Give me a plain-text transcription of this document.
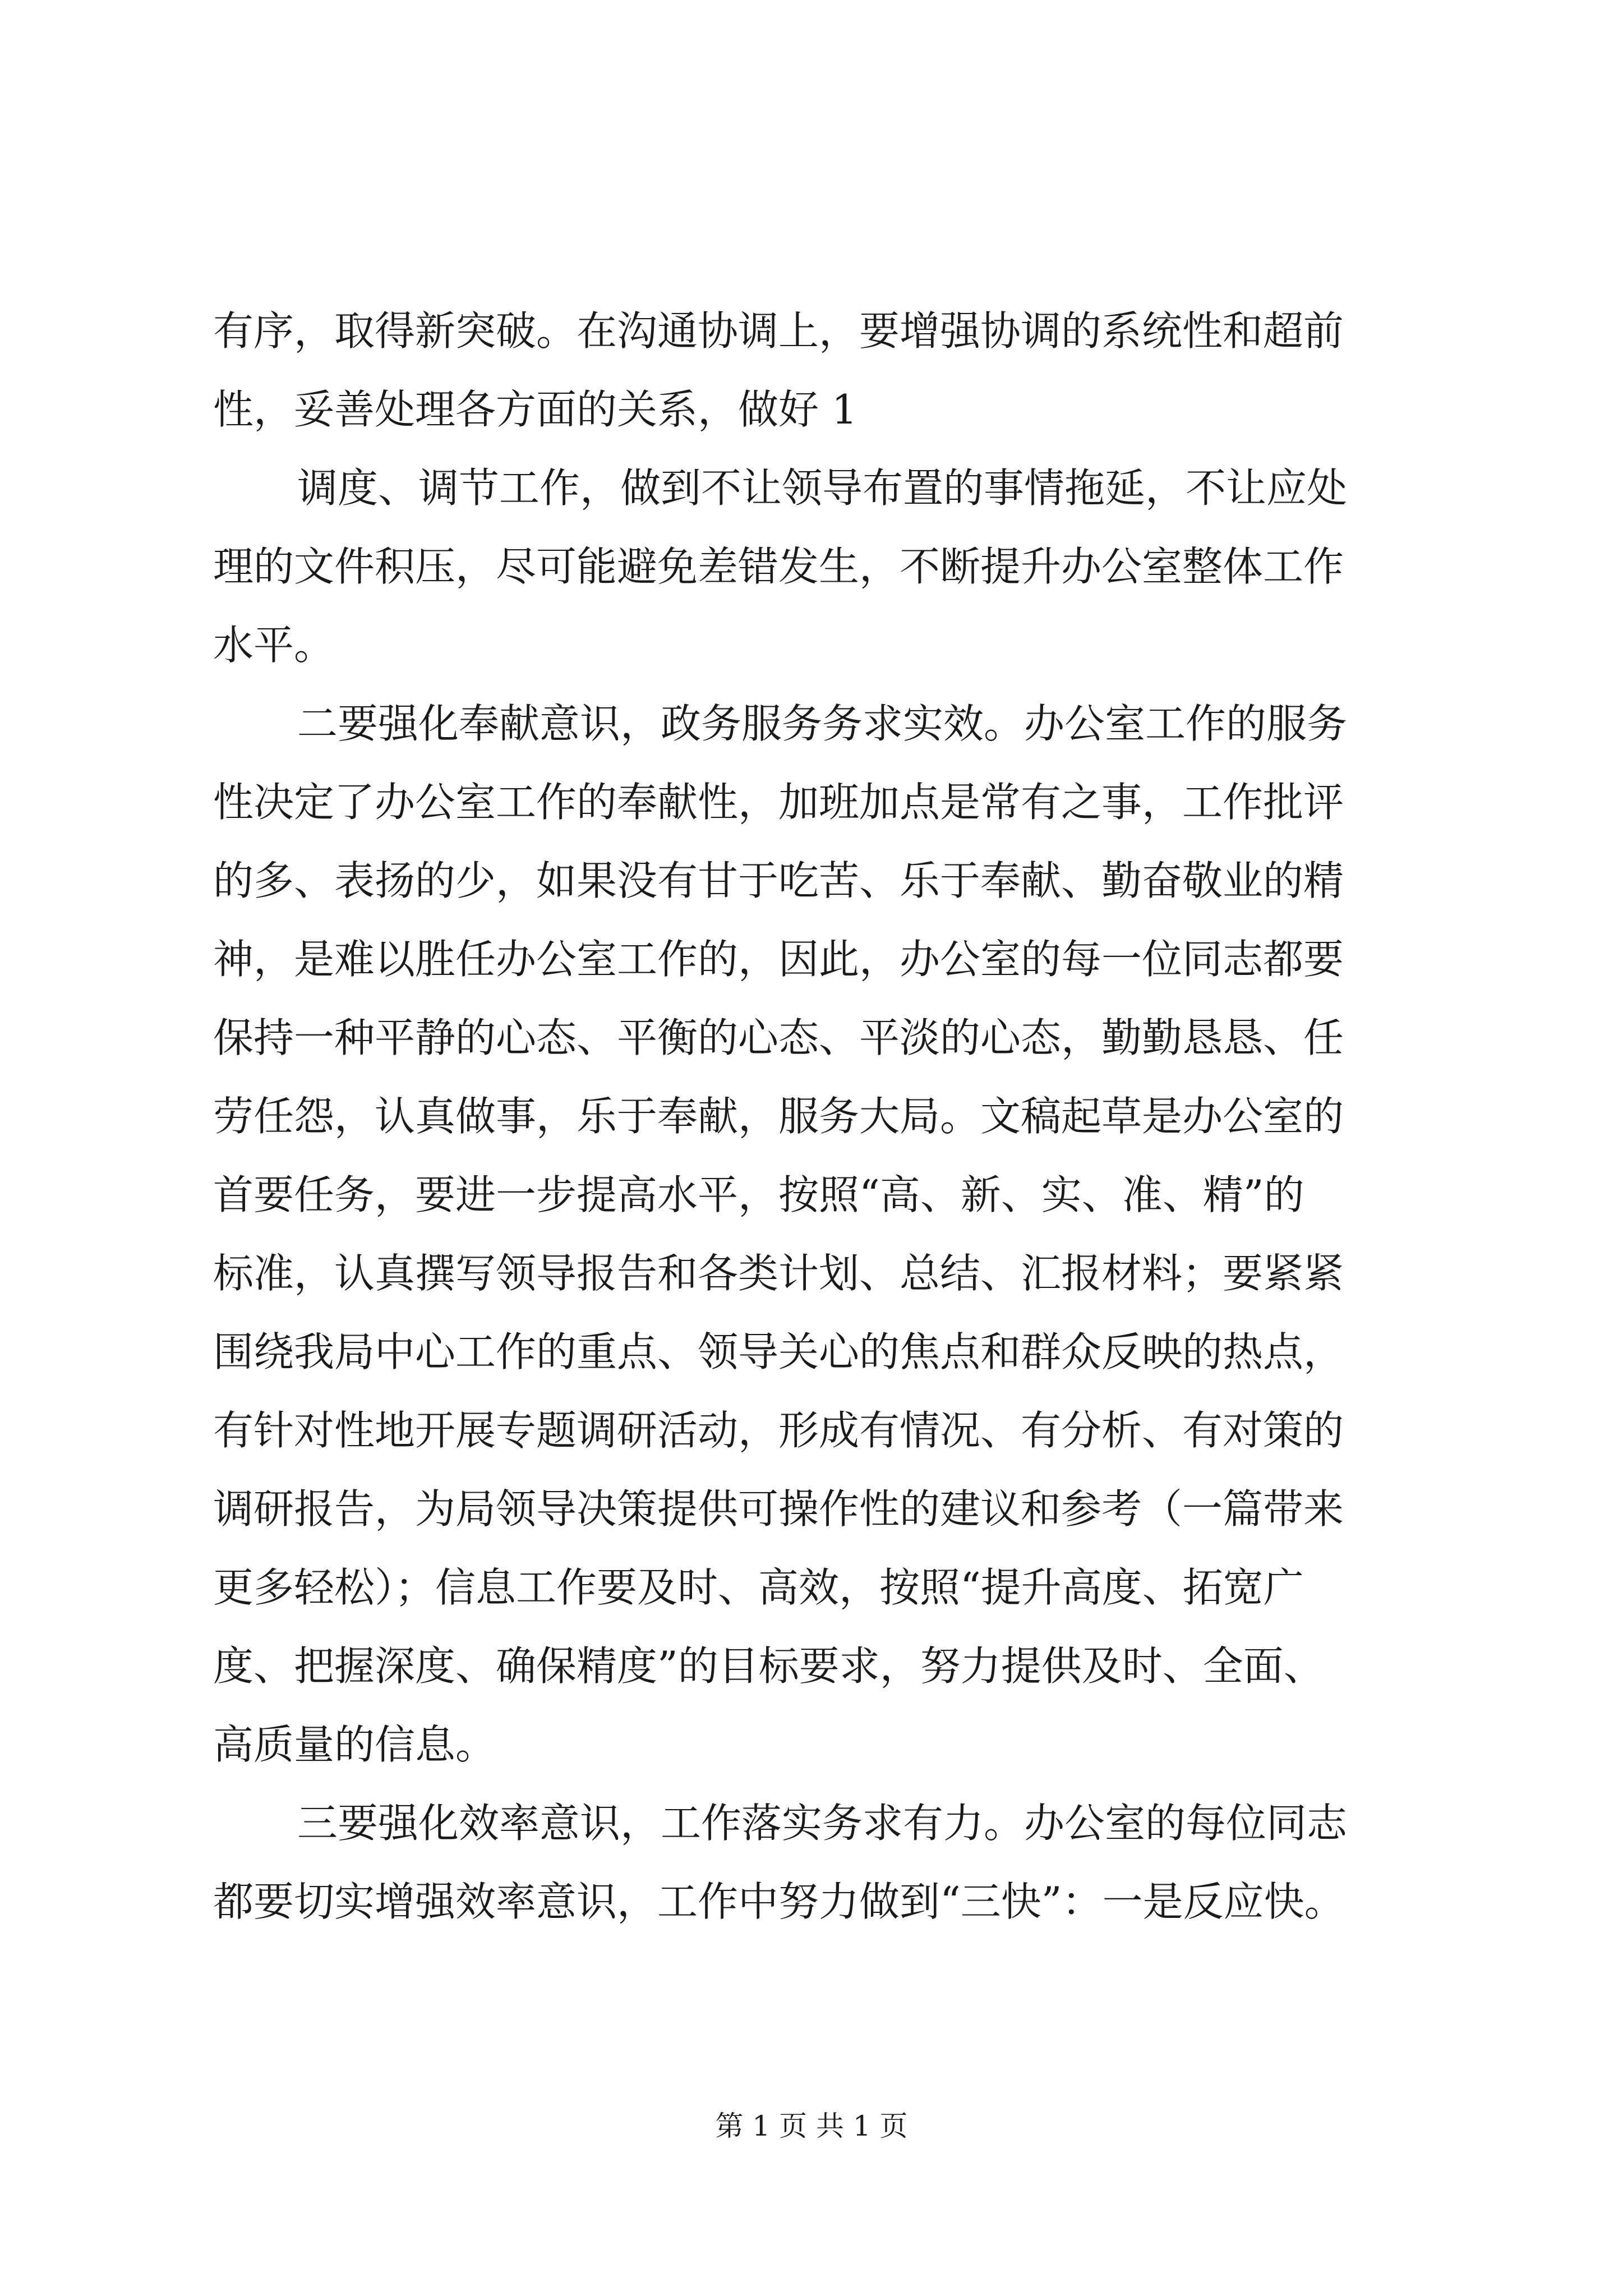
有序，取得新突破。在沟通协调上，要增强协调的系统性和超前
性，妥善处理各方面的关系，做好 1
调度、调节工作，做到不让领导布置的事情拖延，不让应处
理的文件积压，尽可能避免差错发生，不断提升办公室整体工作
水平。
二要强化奉献意识，政务服务务求实效。办公室工作的服务
性决定了办公室工作的奉献性，加班加点是常有之事，工作批评
的多、表扬的少，如果没有甘于吃苦、乐于奉献、勤奋敬业的精
神，是难以胜任办公室工作的，因此，办公室的每一位同志都要
保持一种平静的心态、平衡的心态、平淡的心态，勤勤恳恳、任
劳任怨，认真做事，乐于奉献，服务大局。文稿起草是办公室的
首要任务，要进一步提高水平，按照“高、新、实、准、精”的
标准，认真撰写领导报告和各类计划、总结、汇报材料；要紧紧
围绕我局中心工作的重点、领导关心的焦点和群众反映的热点，
有针对性地开展专题调研活动，形成有情况、有分析、有对策的
调研报告，为局领导决策提供可操作性的建议和参考（一篇带来
更多轻松）；信息工作要及时、高效，按照“提升高度、拓宽广
度、把握深度、确保精度”的目标要求，努力提供及时、全面、
高质量的信息。
三要强化效率意识，工作落实务求有力。办公室的每位同志
都要切实增强效率意识，工作中努力做到“三快”：一是反应快。
第 1 页 共 1 页
